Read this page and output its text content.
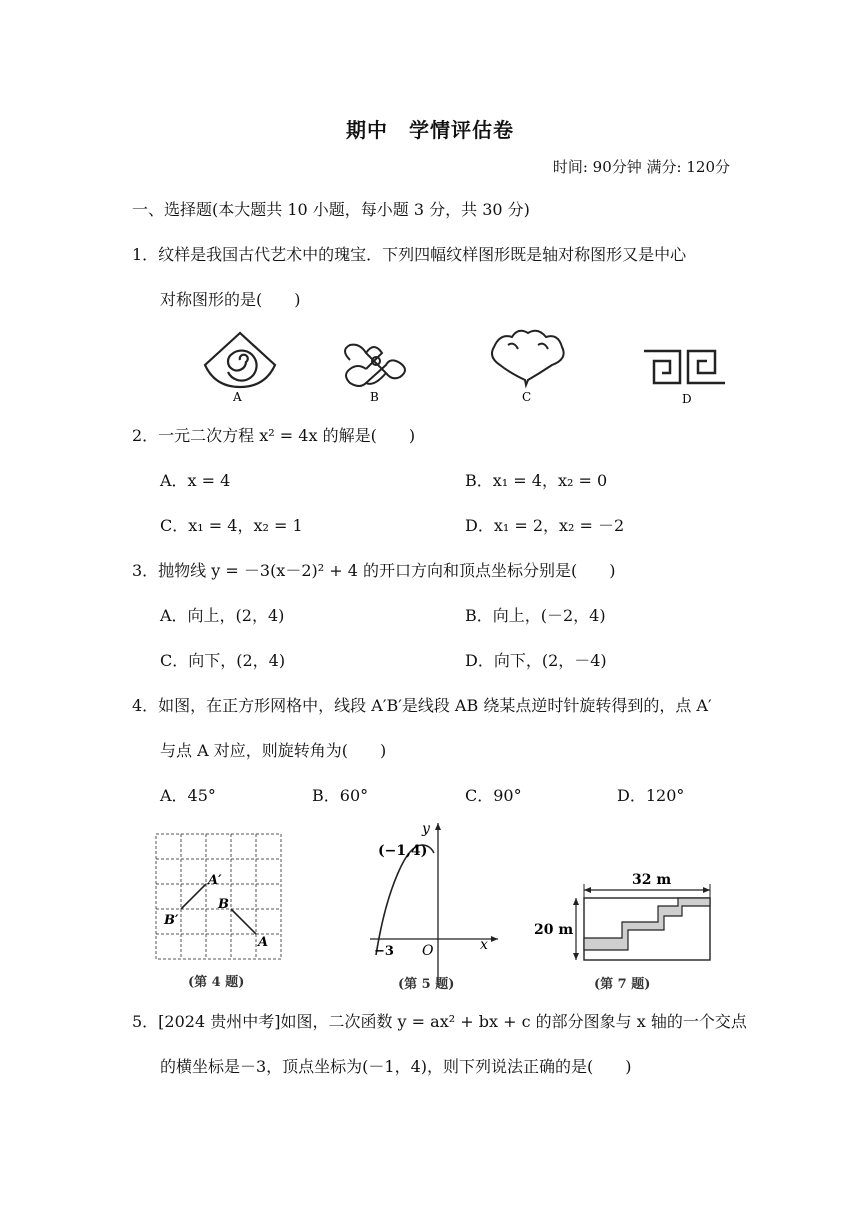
期中　学情评估卷
时间: 90分钟 满分: 120分
一、选择题(本大题共 10 小题，每小题 3 分，共 30 分)
1．纹样是我国古代艺术中的瑰宝．下列四幅纹样图形既是轴对称图形又是中心
对称图形的是(　　)
A	B	C	D
2．一元二次方程 x² = 4x 的解是(　　)
A．x = 4	B．x₁ = 4，x₂ = 0
C．x₁ = 4，x₂ = 1	D．x₁ = 2，x₂ = －2
3．抛物线 y = －3(x－2)² + 4 的开口方向和顶点坐标分别是(　　)
A．向上，(2，4)	B．向上，(－2，4)
C．向下，(2，4)	D．向下，(2，－4)
4．如图，在正方形网格中，线段 A′B′是线段 AB 绕某点逆时针旋转得到的，点 A′
与点 A 对应，则旋转角为(　　)
A．45°	B．60°	C．90°	D．120°
A′
B′
B
A
(第 4 题)
(−1,4)
−3 O	x
y
(第 5 题)
32 m
20 m
(第 7 题)
5．[2024 贵州中考]如图，二次函数 y = ax² + bx + c 的部分图象与 x 轴的一个交点
的横坐标是－3，顶点坐标为(－1，4)，则下列说法正确的是(　　)
